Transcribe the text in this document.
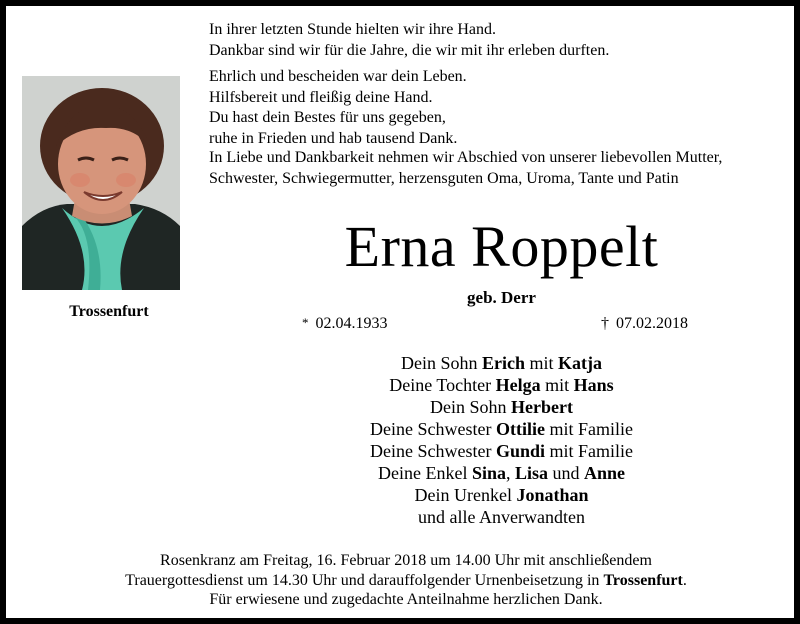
Trossenfurt
In ihrer letzten Stunde hielten wir ihre Hand.
Dankbar sind wir für die Jahre, die wir mit ihr erleben durften.
Ehrlich und bescheiden war dein Leben.
Hilfsbereit und fleißig deine Hand.
Du hast dein Bestes für uns gegeben,
ruhe in Frieden und hab tausend Dank.
In Liebe und Dankbarkeit nehmen wir Abschied von unserer liebevollen Mutter,
Schwester, Schwiegermutter, herzensguten Oma, Uroma, Tante und Patin
Erna Roppelt
geb. Derr
* 02.04.1933	† 07.02.2018
Dein Sohn Erich mit Katja
Deine Tochter Helga mit Hans
Dein Sohn Herbert
Deine Schwester Ottilie mit Familie
Deine Schwester Gundi mit Familie
Deine Enkel Sina, Lisa und Anne
Dein Urenkel Jonathan
und alle Anverwandten
Rosenkranz am Freitag, 16. Februar 2018 um 14.00 Uhr mit anschließendem
Trauergottesdienst um 14.30 Uhr und darauffolgender Urnenbeisetzung in Trossenfurt.
Für erwiesene und zugedachte Anteilnahme herzlichen Dank.
